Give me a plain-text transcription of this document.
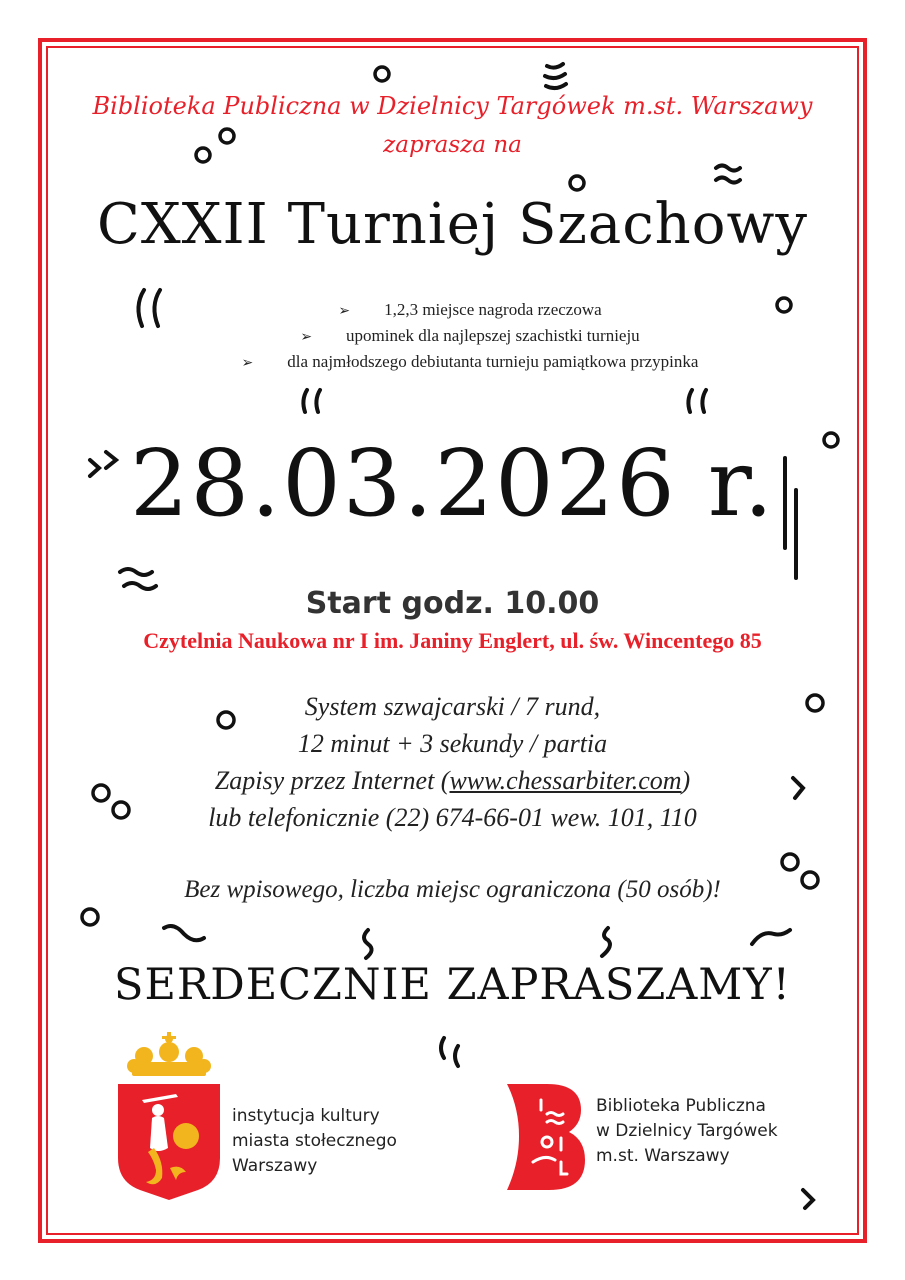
Biblioteka Publiczna w Dzielnicy Targówek m.st. Warszawy
zaprasza na
CXXII Turniej Szachowy
➢ 1,2,3 miejsce nagroda rzeczowa
➢ upominek dla najlepszej szachistki turnieju
➢ dla najmłodszego debiutanta turnieju pamiątkowa przypinka
28.03.2026 r.
Start godz. 10.00
Czytelnia Naukowa nr I im. Janiny Englert, ul. św. Wincentego 85
System szwajcarski / 7 rund,
12 minut + 3 sekundy / partia
Zapisy przez Internet (www.chessarbiter.com)
lub telefonicznie (22) 674-66-01 wew. 101, 110
Bez wpisowego, liczba miejsc ograniczona (50 osób)!
SERDECZNIE ZAPRASZAMY!
instytucja kultury
miasta stołecznego
Warszawy
Biblioteka Publiczna
w Dzielnicy Targówek
m.st. Warszawy
